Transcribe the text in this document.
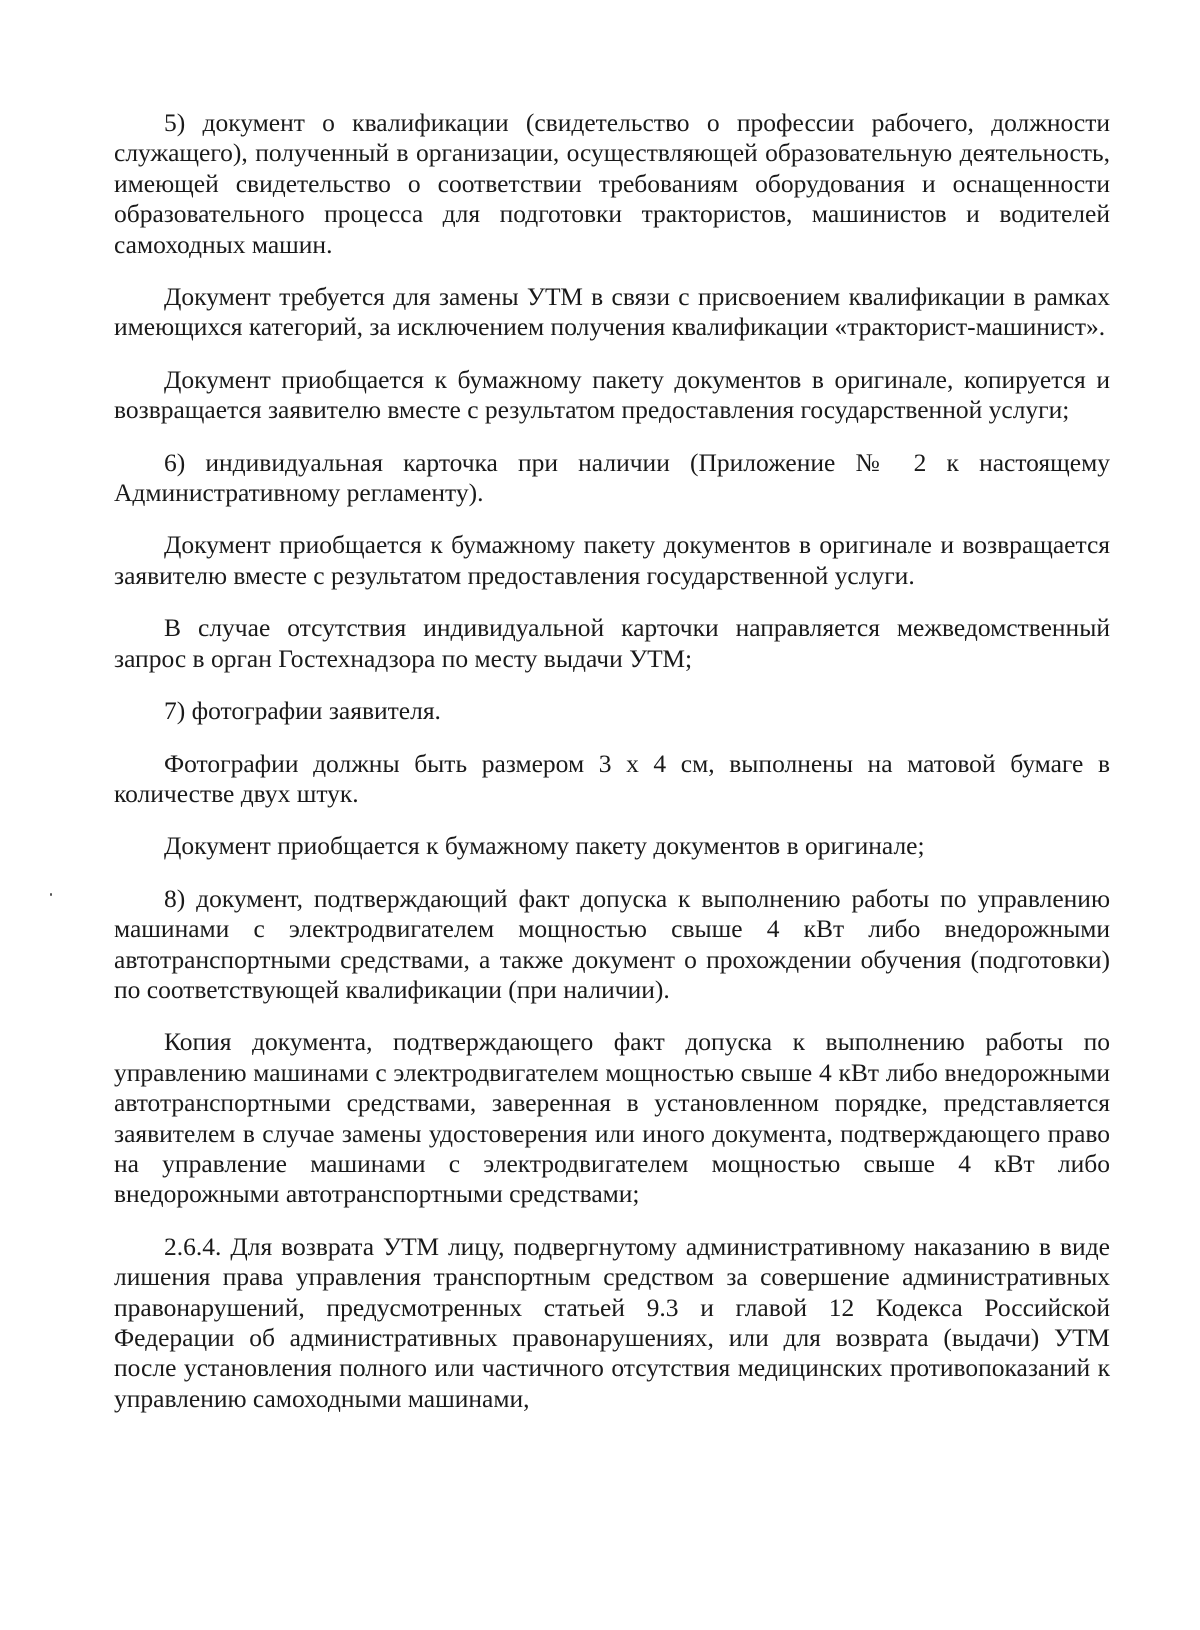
5) документ о квалификации (свидетельство о профессии рабочего, должности служащего), полученный в организации, осуществляющей образовательную деятельность, имеющей свидетельство о соответствии требованиям оборудования и оснащенности образовательного процесса для подготовки трактористов, машинистов и водителей самоходных машин.

Документ требуется для замены УТМ в связи с присвоением квалификации в рамках имеющихся категорий, за исключением получения квалификации «тракторист-машинист».

Документ приобщается к бумажному пакету документов в оригинале, копируется и возвращается заявителю вместе с результатом предоставления государственной услуги;

6) индивидуальная карточка при наличии (Приложение № 2 к настоящему Административному регламенту).

Документ приобщается к бумажному пакету документов в оригинале и возвращается заявителю вместе с результатом предоставления государственной услуги.

В случае отсутствия индивидуальной карточки направляется межведомственный запрос в орган Гостехнадзора по месту выдачи УТМ;

7) фотографии заявителя.

Фотографии должны быть размером 3 х 4 см, выполнены на матовой бумаге в количестве двух штук.

Документ приобщается к бумажному пакету документов в оригинале;

8) документ, подтверждающий факт допуска к выполнению работы по управлению машинами с электродвигателем мощностью свыше 4 кВт либо внедорожными автотранспортными средствами, а также документ о прохождении обучения (подготовки) по соответствующей квалификации (при наличии).

Копия документа, подтверждающего факт допуска к выполнению работы по управлению машинами с электродвигателем мощностью свыше 4 кВт либо внедорожными автотранспортными средствами, заверенная в установленном порядке, представляется заявителем в случае замены удостоверения или иного документа, подтверждающего право на управление машинами с электродвигателем мощностью свыше 4 кВт либо внедорожными автотранспортными средствами;

2.6.4. Для возврата УТМ лицу, подвергнутому административному наказанию в виде лишения права управления транспортным средством за совершение административных правонарушений, предусмотренных статьей 9.3 и главой 12 Кодекса Российской Федерации об административных правонарушениях, или для возврата (выдачи) УТМ после установления полного или частичного отсутствия медицинских противопоказаний к управлению самоходными машинами,
